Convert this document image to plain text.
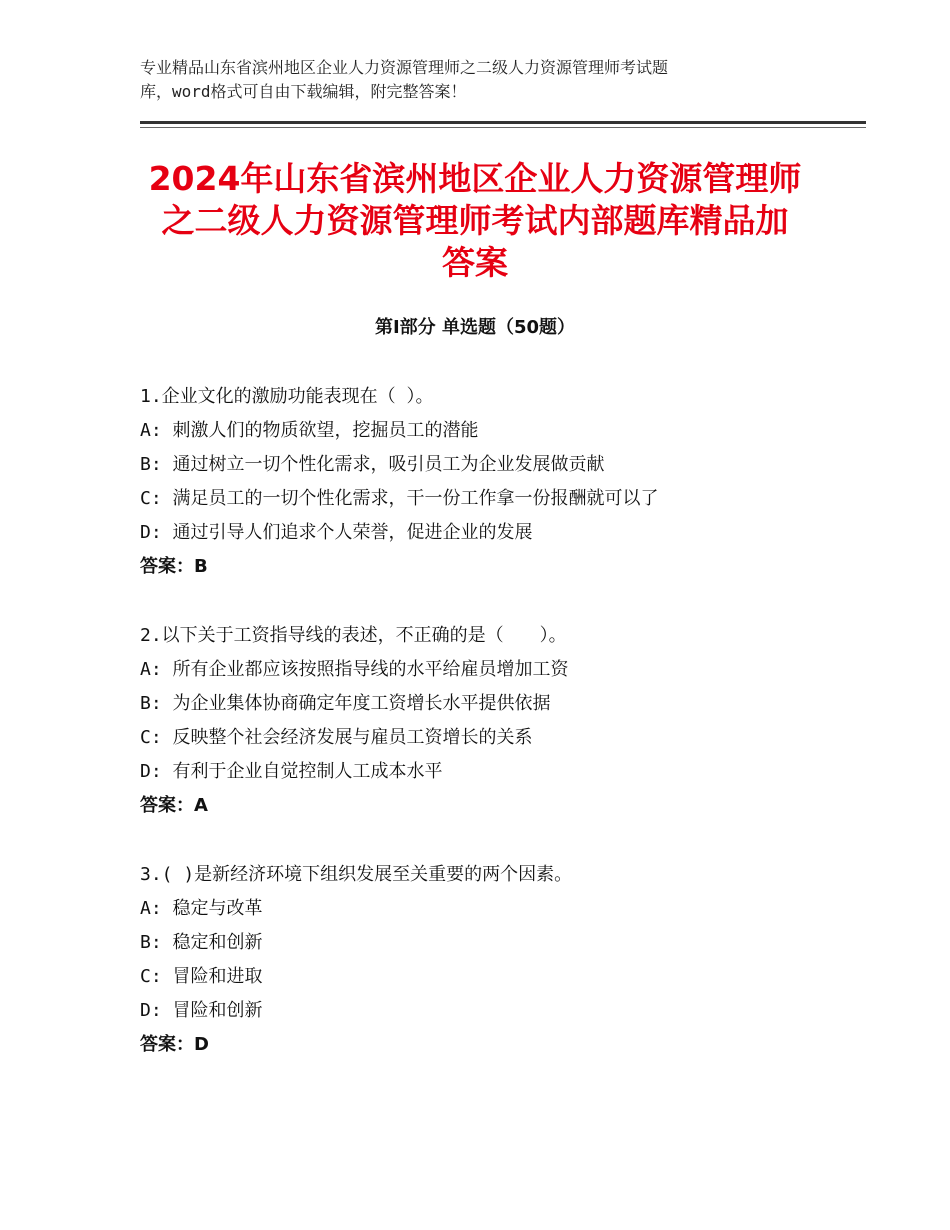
专业精品山东省滨州地区企业人力资源管理师之二级人力资源管理师考试题
库，word格式可自由下载编辑，附完整答案！
2024年山东省滨州地区企业人力资源管理师
之二级人力资源管理师考试内部题库精品加
答案
第Ⅰ部分 单选题（50题）
1.企业文化的激励功能表现在（ ）。
A: 刺激人们的物质欲望，挖掘员工的潜能
B: 通过树立一切个性化需求，吸引员工为企业发展做贡献
C: 满足员工的一切个性化需求，干一份工作拿一份报酬就可以了
D: 通过引导人们追求个人荣誉，促进企业的发展
答案：B
2.以下关于工资指导线的表述，不正确的是（　　）。
A: 所有企业都应该按照指导线的水平给雇员增加工资
B: 为企业集体协商确定年度工资增长水平提供依据
C: 反映整个社会经济发展与雇员工资增长的关系
D: 有利于企业自觉控制人工成本水平
答案：A
3.( )是新经济环境下组织发展至关重要的两个因素。
A: 稳定与改革
B: 稳定和创新
C: 冒险和进取
D: 冒险和创新
答案：D
